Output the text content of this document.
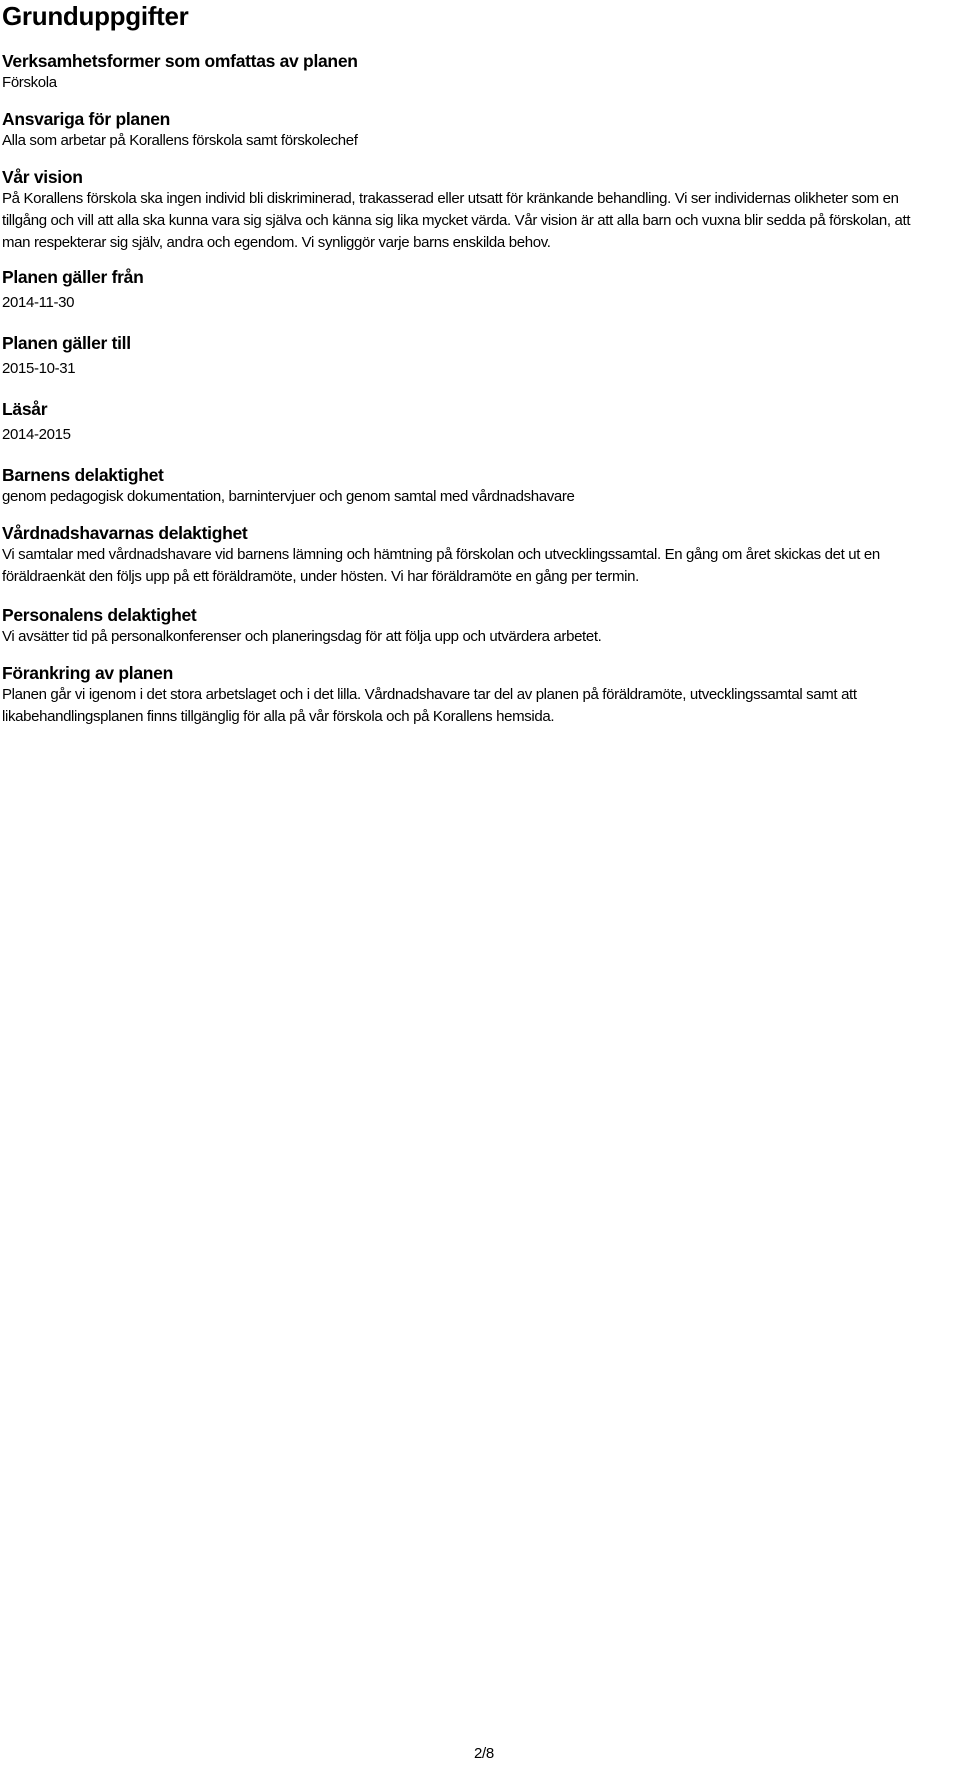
Grunduppgifter
Verksamhetsformer som omfattas av planen

Förskola

Ansvariga för planen

Alla som arbetar på Korallens förskola samt förskolechef

Vår vision

På Korallens förskola ska ingen individ bli diskriminerad, trakasserad eller utsatt för kränkande behandling. Vi ser individernas olikheter som en tillgång och vill att alla ska kunna vara sig själva och känna sig lika mycket värda. Vår vision är att alla barn och vuxna blir sedda på förskolan, att man respekterar sig själv, andra och egendom. Vi synliggör varje barns enskilda behov.

Planen gäller från

2014-11-30

Planen gäller till

2015-10-31

Läsår

2014-2015

Barnens delaktighet

genom pedagogisk dokumentation, barnintervjuer och genom samtal med vårdnadshavare

Vårdnadshavarnas delaktighet

Vi samtalar med vårdnadshavare vid barnens lämning och hämtning på förskolan och utvecklingssamtal. En gång om året skickas det ut en föräldraenkät den följs upp på ett föräldramöte, under hösten. Vi har föräldramöte en gång per termin.

Personalens delaktighet

Vi avsätter tid på personalkonferenser och planeringsdag för att följa upp och utvärdera arbetet.

Förankring av planen

Planen går vi igenom i det stora arbetslaget och i det lilla. Vårdnadshavare tar del av planen på föräldramöte, utvecklingssamtal samt att likabehandlingsplanen finns tillgänglig för alla på vår förskola och på Korallens hemsida.

2/8
